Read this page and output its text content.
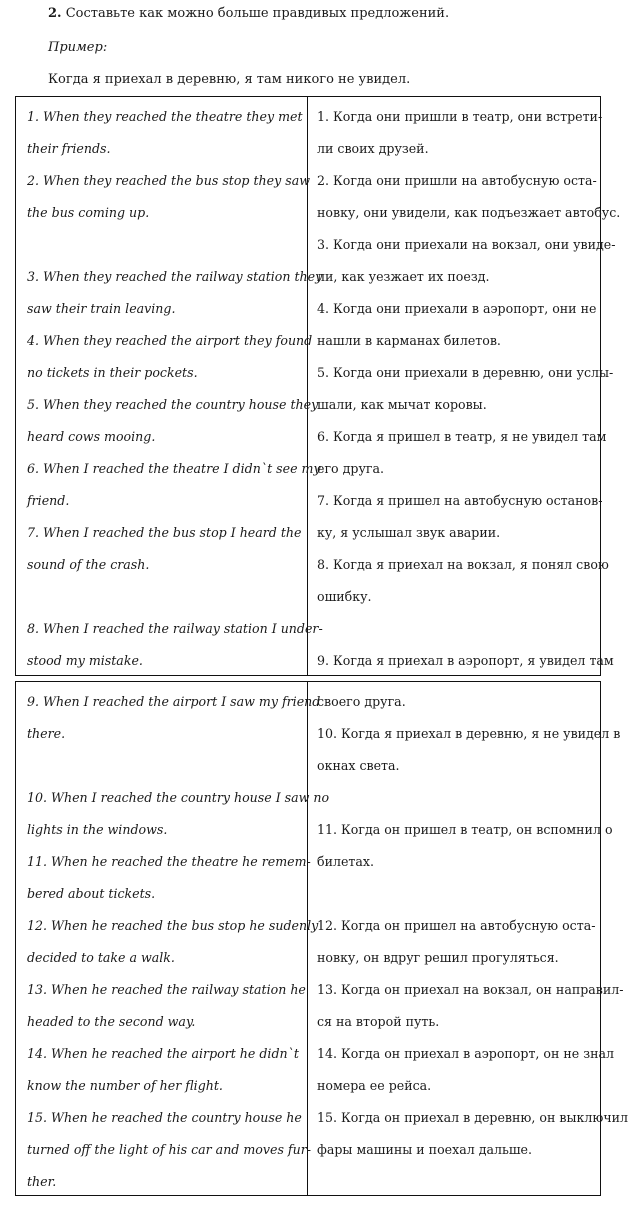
2. Составьте как можно больше правдивых предложений.
Пример:
Когда я приехал в деревню, я там никого не увидел.
1. When they reached the theatre they met
their friends.
2. When they reached the bus stop they saw
the bus coming up.
3. When they reached the railway station they
saw their train leaving.
4. When they reached the airport they found
no tickets in their pockets.
5. When they reached the country house they
heard cows mooing.
6. When I reached the theatre I didn`t see my
friend.
7. When I reached the bus stop I heard the
sound of the crash.
8. When I reached the railway station I under-
stood my mistake.
1. Когда они пришли в театр, они встрети-
ли своих друзей.
2. Когда они пришли на автобусную оста-
новку, они увидели, как подъезжает автобус.
3. Когда они приехали на вокзал, они увиде-
ли, как уезжает их поезд.
4. Когда они приехали в аэропорт, они не
нашли в карманах билетов.
5. Когда они приехали в деревню, они услы-
шали, как мычат коровы.
6. Когда я пришел в театр, я не увидел там
его друга.
7. Когда я пришел на автобусную останов-
ку, я услышал звук аварии.
8. Когда я приехал на вокзал, я понял свою
ошибку.
9. Когда я приехал в аэропорт, я увидел там
9. When I reached the airport I saw my friend
there.
10. When I reached the country house I saw no
lights in the windows.
11. When he reached the theatre he remem-
bered about tickets.
12. When he reached the bus stop he sudenly
decided to take a walk.
13. When he reached the railway station he
headed to the second way.
14. When he reached the airport he didn`t
know the number of her flight.
15. When he reached the country house he
turned off the light of his car and moves fur-
ther.
своего друга.
10. Когда я приехал в деревню, я не увидел в
окнах света.
11. Когда он пришел в театр, он вспомнил о
билетах.
12. Когда он пришел на автобусную оста-
новку, он вдруг решил прогуляться.
13. Когда он приехал на вокзал, он направил-
ся на второй путь.
14. Когда он приехал в аэропорт, он не знал
номера ее рейса.
15. Когда он приехал в деревню, он выключил
фары машины и поехал дальше.
